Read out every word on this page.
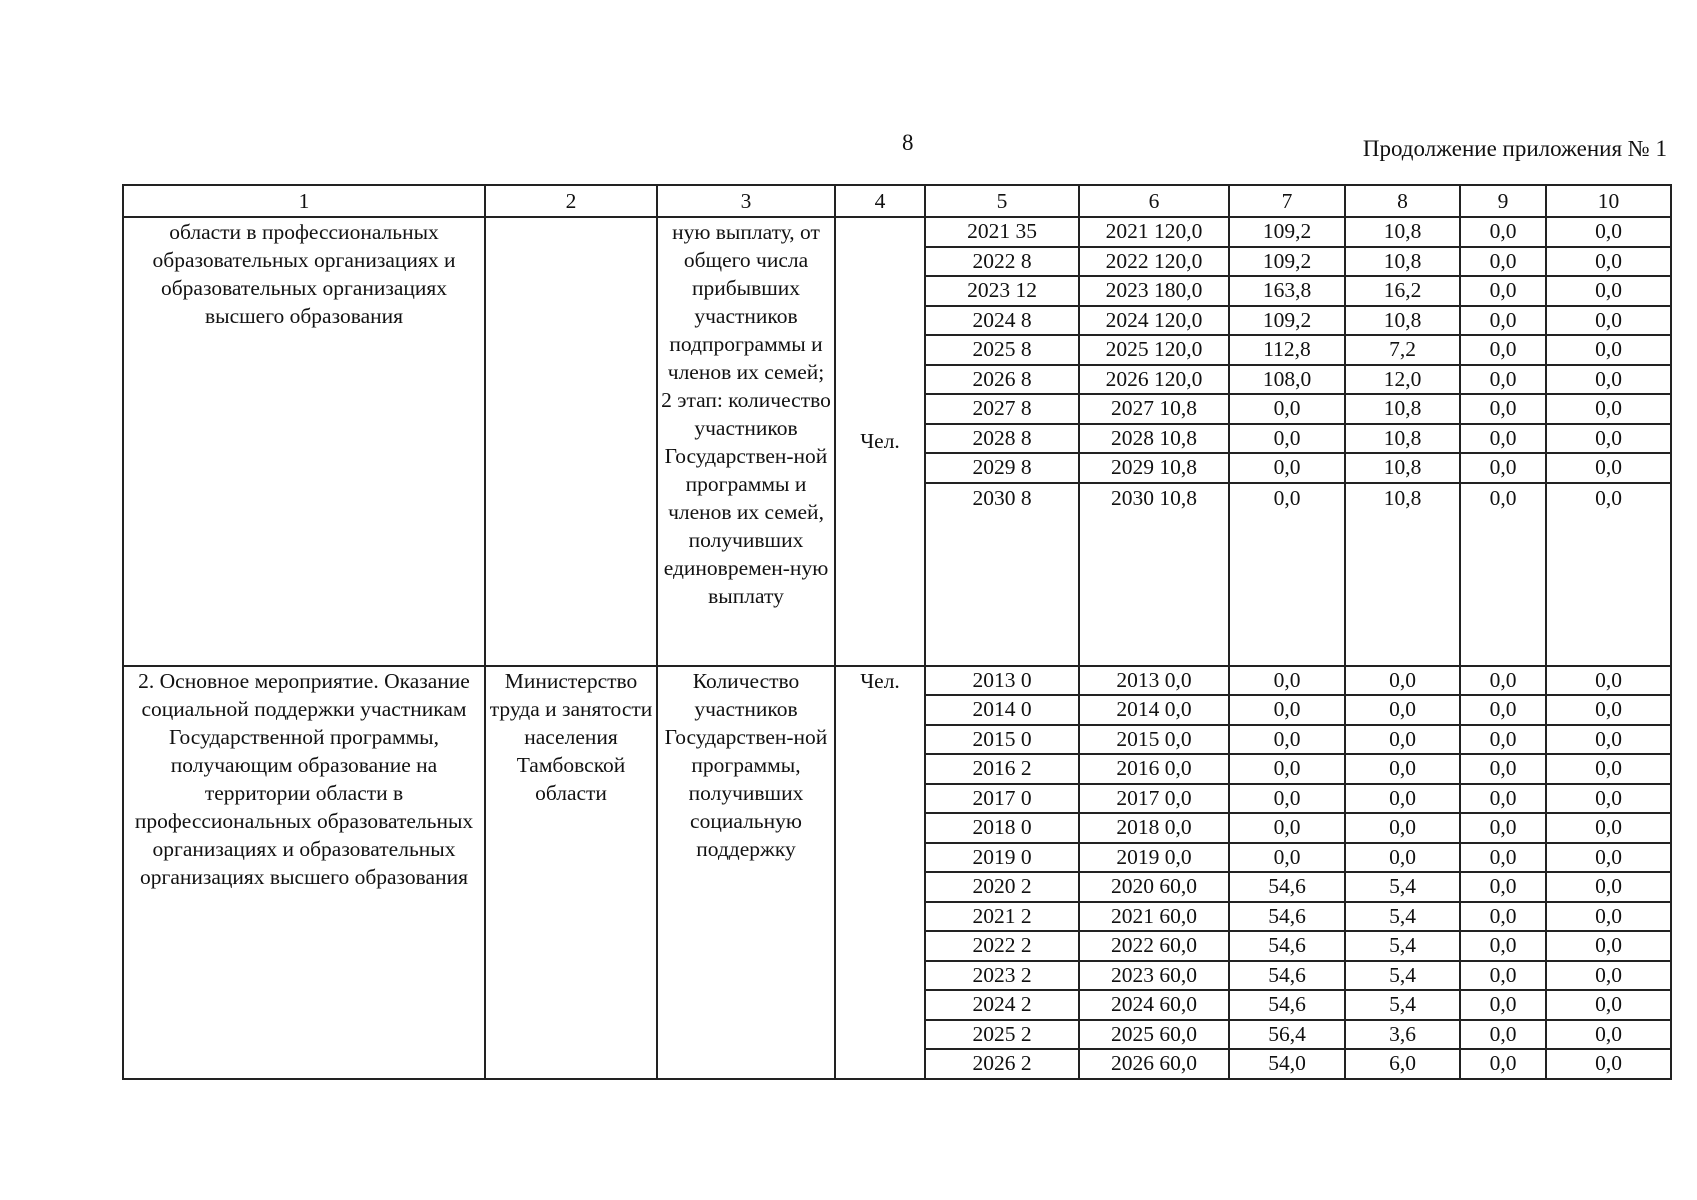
8	Продолжение приложения № 1
1	2	3	4	5	6	7	8	9	10
области в профессиональных образовательных организациях и образовательных организациях высшего образования		ную выплату, от общего числа прибывших участников подпрограммы и членов их семей; 2 этап: количество участников Государствен-ной программы и членов их семей, получивших единовремен-ную выплату	Чел.	2021 35	2021 120,0	109,2	10,8	0,0	0,0
				2022 8	2022 120,0	109,2	10,8	0,0	0,0
				2023 12	2023 180,0	163,8	16,2	0,0	0,0
				2024 8	2024 120,0	109,2	10,8	0,0	0,0
				2025 8	2025 120,0	112,8	7,2	0,0	0,0
				2026 8	2026 120,0	108,0	12,0	0,0	0,0
				2027 8	2027 10,8	0,0	10,8	0,0	0,0
				2028 8	2028 10,8	0,0	10,8	0,0	0,0
				2029 8	2029 10,8	0,0	10,8	0,0	0,0
				2030 8	2030 10,8	0,0	10,8	0,0	0,0

2. Основное мероприятие. Оказание социальной поддержки участникам Государственной программы, получающим образование на территории области в профессиональных образовательных организациях и образовательных организациях высшего образования	Министерство труда и занятости населения Тамбовской области	Количество участников Государствен-ной программы, получивших социальную поддержку	Чел.	2013 0	2013 0,0	0,0	0,0	0,0	0,0
				2014 0	2014 0,0	0,0	0,0	0,0	0,0
				2015 0	2015 0,0	0,0	0,0	0,0	0,0
				2016 2	2016 0,0	0,0	0,0	0,0	0,0
				2017 0	2017 0,0	0,0	0,0	0,0	0,0
				2018 0	2018 0,0	0,0	0,0	0,0	0,0
				2019 0	2019 0,0	0,0	0,0	0,0	0,0
				2020 2	2020 60,0	54,6	5,4	0,0	0,0
				2021 2	2021 60,0	54,6	5,4	0,0	0,0
				2022 2	2022 60,0	54,6	5,4	0,0	0,0
				2023 2	2023 60,0	54,6	5,4	0,0	0,0
				2024 2	2024 60,0	54,6	5,4	0,0	0,0
				2025 2	2025 60,0	56,4	3,6	0,0	0,0
				2026 2	2026 60,0	54,0	6,0	0,0	0,0
